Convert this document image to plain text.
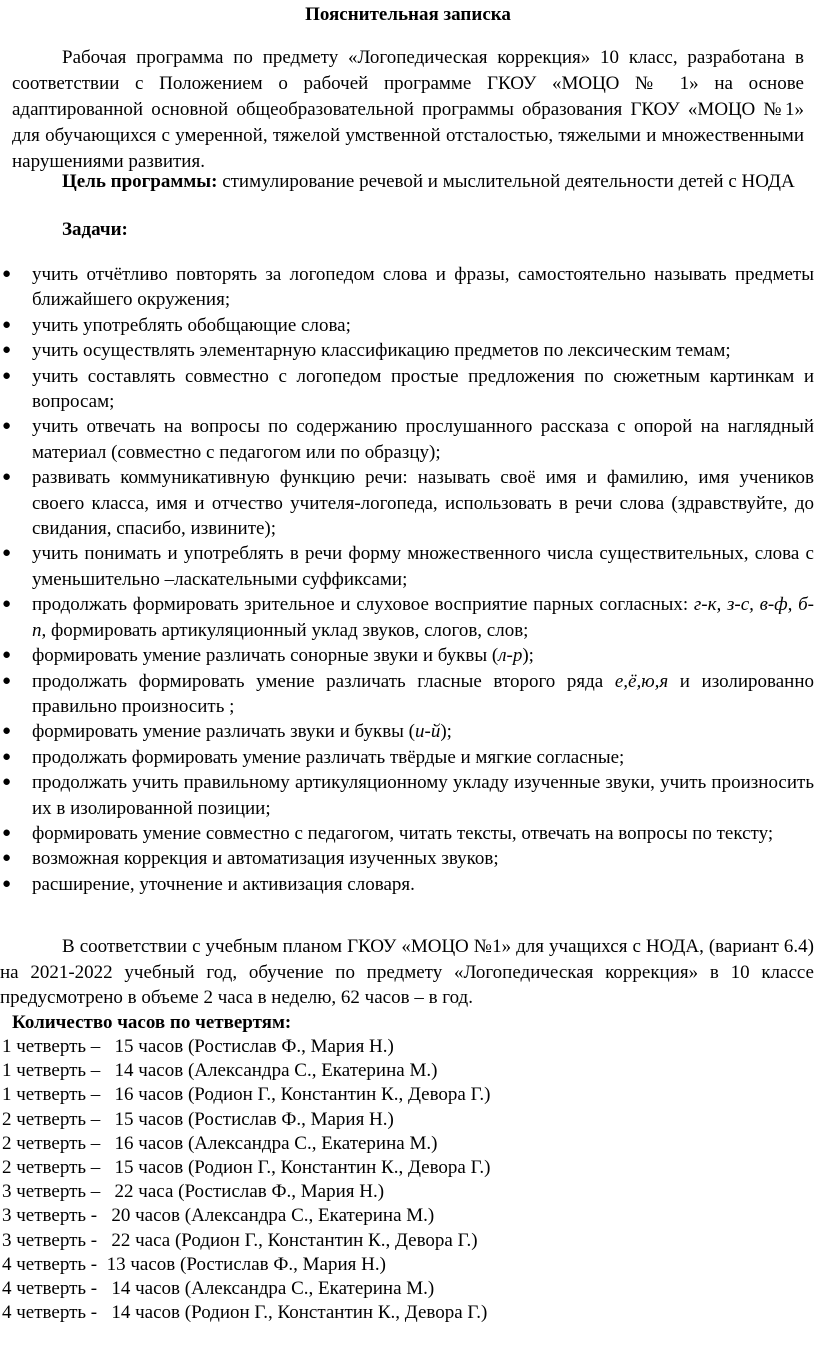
Пояснительная записка

Рабочая программа по предмету «Логопедическая коррекция» 10 класс, разработана в соответствии с Положением о рабочей программе ГКОУ «МОЦО № 1» на основе адаптированной основной общеобразовательной программы образования ГКОУ «МОЦО №1» для обучающихся с умеренной, тяжелой умственной отсталостью, тяжелыми и множественными нарушениями развития.

Цель программы: стимулирование речевой и мыслительной деятельности детей с НОДА

Задачи:
● учить отчётливо повторять за логопедом слова и фразы, самостоятельно называть предметы ближайшего окружения;
● учить употреблять обобщающие слова;
● учить осуществлять элементарную классификацию предметов по лексическим темам;
● учить составлять совместно с логопедом простые предложения по сюжетным картинкам и вопросам;
● учить отвечать на вопросы по содержанию прослушанного рассказа с опорой на наглядный материал (совместно с педагогом или по образцу);
● развивать коммуникативную функцию речи: называть своё имя и фамилию, имя учеников своего класса, имя и отчество учителя-логопеда, использовать в речи слова (здравствуйте, до свидания, спасибо, извините);
● учить понимать и употреблять в речи форму множественного числа существительных, слова с уменьшительно –ласкательными суффиксами;
● продолжать формировать зрительное и слуховое восприятие парных согласных: г-к, з-с, в-ф, б-п, формировать артикуляционный уклад звуков, слогов, слов;
● формировать умение различать сонорные звуки и буквы (л-р);
● продолжать формировать умение различать гласные второго ряда е,ё,ю,я и изолированно правильно произносить ;
● формировать умение различать звуки и буквы (и-й);
● продолжать формировать умение различать твёрдые и мягкие согласные;
● продолжать учить правильному артикуляционному укладу изученные звуки, учить произносить их в изолированной позиции;
● формировать умение совместно с педагогом, читать тексты, отвечать на вопросы по тексту;
● возможная коррекция и автоматизация изученных звуков;
● расширение, уточнение и активизация словаря.

В соответствии с учебным планом ГКОУ «МОЦО №1» для учащихся с НОДА, (вариант 6.4) на 2021-2022 учебный год, обучение по предмету «Логопедическая коррекция» в 10 классе предусмотрено в объеме 2 часа в неделю, 62 часов – в год.

Количество часов по четвертям:
1 четверть –   15 часов (Ростислав Ф., Мария Н.)
1 четверть –   14 часов (Александра С., Екатерина М.)
1 четверть –   16 часов (Родион Г., Константин К., Девора Г.)
2 четверть –   15 часов (Ростислав Ф., Мария Н.)
2 четверть –   16 часов (Александра С., Екатерина М.)
2 четверть –   15 часов (Родион Г., Константин К., Девора Г.)
3 четверть –   22 часа (Ростислав Ф., Мария Н.)
3 четверть -   20 часов (Александра С., Екатерина М.)
3 четверть -   22 часа (Родион Г., Константин К., Девора Г.)
4 четверть -  13 часов (Ростислав Ф., Мария Н.)
4 четверть -   14 часов (Александра С., Екатерина М.)
4 четверть -   14 часов (Родион Г., Константин К., Девора Г.)
